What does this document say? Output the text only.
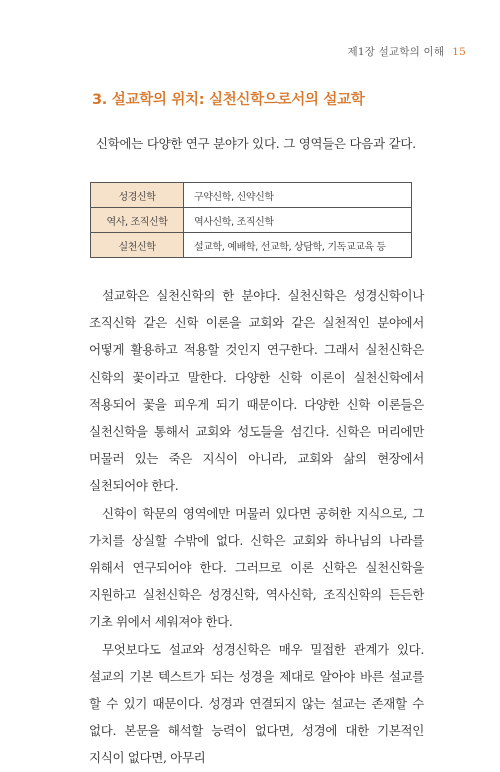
제1장 설교학의 이해 15
3. 설교학의 위치: 실천신학으로서의 설교학
신학에는 다양한 연구 분야가 있다. 그 영역들은 다음과 같다.
성경신학	구약신학, 신약신학
역사, 조직신학	역사신학, 조직신학
실천신학	설교학, 예배학, 선교학, 상담학, 기독교교육 등

설교학은 실천신학의 한 분야다. 실천신학은 성경신학이나 조직신학 같은 신학 이론을 교회와 같은 실천적인 분야에서 어떻게 활용하고 적용할 것인지 연구한다. 그래서 실천신학은 신학의 꽃이라고 말한다. 다양한 신학 이론이 실천신학에서 적용되어 꽃을 피우게 되기 때문이다. 다양한 신학 이론들은 실천신학을 통해서 교회와 성도들을 섬긴다. 신학은 머리에만 머물러 있는 죽은 지식이 아니라, 교회와 삶의 현장에서 실천되어야 한다.

신학이 학문의 영역에만 머물러 있다면 공허한 지식으로, 그 가치를 상실할 수밖에 없다. 신학은 교회와 하나님의 나라를 위해서 연구되어야 한다. 그러므로 이론 신학은 실천신학을 지원하고 실천신학은 성경신학, 역사신학, 조직신학의 든든한 기초 위에서 세워져야 한다.

무엇보다도 설교와 성경신학은 매우 밀접한 관계가 있다. 설교의 기본 텍스트가 되는 성경을 제대로 알아야 바른 설교를 할 수 있기 때문이다. 성경과 연결되지 않는 설교는 존재할 수 없다. 본문을 해석할 능력이 없다면, 성경에 대한 기본적인 지식이 없다면, 아무리
